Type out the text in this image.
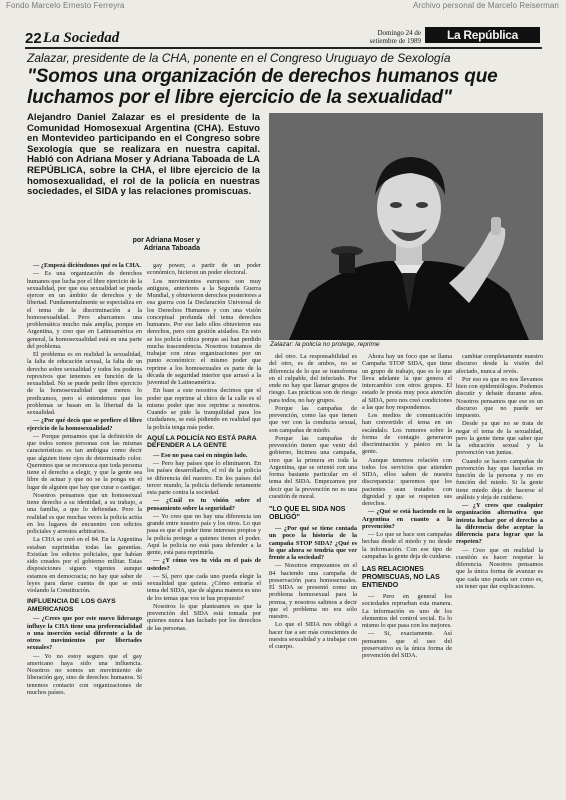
Fondo Marcelo Ernesto Ferreyra	Archivo personal de Marcelo Reiserman
22 La Sociedad	Domingo 24 de
setiembre de 1989	La República
Zalazar, presidente de la CHA, ponente en el Congreso Uruguayo de Sexología
"Somos una organización de derechos humanos que luchamos por el libre ejercicio de la sexualidad"
Alejandro Daniel Zalazar es el presidente de la Comunidad Homosexual Argentina (CHA). Estuvo en Montevideo participando en el Congreso sobre Sexología que se realizara en nuestra capital. Habló con Adriana Moser y Adriana Taboada de LA REPÚBLICA, sobre la CHA, el libre ejercicio de la homosexualidad, el rol de la policía en nuestras sociedades, el SIDA y las relaciones promiscuas.
por Adriana Moser y
Adriana Taboada
Zalazar: la policía no protege, reprime

— ¿Empezá diciéndonos qué es la CHA.

— Es una organización de derechos humanos que lucha por el libre ejercicio de la sexualidad, por que esa sexualidad se pueda ejercer en un ámbito de derechos y de libertad. Fundamentalmente se especializa en el tema de la discriminación a la homosexualidad. Pero abarcamos una problemática mucho más amplia, porque en Argentina, y creo que en Latinoamérica en general, la homosexualidad está en una parte del problema.

El problema es en realidad la sexualidad, la falta de educación sexual, la falta de un derecho sobre sexualidad y todos los poderes represivos que tenemos en función de la sexualidad. No se puede pedir libre ejercicio de la homosexualidad que menos lo predicamos, pero sí entendemos que los problemas se basan en la libertad de la sexualidad.

— ¿Por qué decís que se prefiere el libre ejercicio de la homosexualidad?

— Porque pensamos que la definición de que todos somos personas con las mismas características es tan ambigua como decir que alguien tiene ojos de determinado color. Queremos que se reconozca que toda persona tiene el derecho a elegir, y que la gente sea libre de actuar y que no se la ponga en el lugar de alguien que hay que curar o castigar.

Nosotros pensamos que un homosexual tiene derecho a su identidad, a su trabajo, a una familia, a que lo defiendan. Pero la realidad es que muchas veces la policía actúa en los lugares de encuentro con edictos policiales y arrestos arbitrarios.

La CHA se creó en el 84. En la Argentina estaban suprimidas todas las garantías. Existían los edictos policiales, que habían sido creados por el gobierno militar. Estas disposiciones siguen vigentes aunque estamos en democracia; no hay que saber de leyes para darse cuenta de que se está violando la Constitución.

INFLUENCIA DE LOS GAYS AMERICANOS

— ¿Crees que por este nuevo liderazgo influye la CHA tiene una preferencialidad o una inserción social diferente a la de otros movimientos por libertades sexuales?

— Yo no estoy seguro que el gay americano haya sido una influencia. Nosotros no somos un movimiento de liberación gay, sino de derechos humanos. Sí tenemos contacto con organizaciones de muchos países.

gay power, a partir de un poder económico, hicieron un poder electoral.

Los movimientos europeos son muy antiguos, anteriores a la Segunda Guerra Mundial, y obtuvieron derechos posteriores a esa guerra con la Declaración Universal de los Derechos Humanos y con una visión conceptual profunda del tema derechos humanos. Por ese lado ellos obtuvieron sus derechos, pero con gestión aislados. En esto se los policía crítica porque así han perdido mucha trascendencia. Nosotros tratamos de trabajar con otras organizaciones por un punto económico: el mismo poder que reprime a los homosexuales es parte de la década de seguridad interior que arrasó a la juventud de Latinoamérica.

En base a este nosotros decimos que el poder que reprime al chico de la calle es el mismo poder que nos reprime a nosotros. Cuando se pide la tranquilidad para los ciudadanos, se está pidiendo en realidad que la policía tenga más poder.

AQUÍ LA POLICÍA NO ESTÁ PARA DEFENDER A LA GENTE

— Eso no pasa casi en ningún lado.

— Pero hay países que lo eliminaron. En los países desarrollados, el rol de la policía se diferencia del nuestro. En los países del tercer mundo, la policía defiende netamente esta parte contra la sociedad.

— ¿Cuál es tu visión sobre el pensamiento sobre la seguridad?

— Yo creo que no hay una diferencia tan grande entre nuestro país y los otros. Lo que pasa es que el poder tiene intereses propios y la policía protege a quienes tienen el poder. Aquí la policía no está para defender a la gente, está para reprimirla.

— ¿Y cómo ves tu vida en el país de ustedes?

— Sí, pero que cada uno pueda elegir la sexualidad que quiera. ¿Cómo entraría el tema del SIDA, que de alguna manera es uno de los temas que vos te has propuesto?

Nosotros lo que planteamos es que la prevención del SIDA está tomada por quienes nunca han luchado por los derechos de las personas.

del otro. La responsabilidad es del otro, es de ambos, no se diferencia de lo que se transforma en el culpable, del infectado. Por ende no hay que llamar grupos de riesgo. Las prácticas son de riesgo para todos, no hay grupos.

Porque las campañas de prevención, como las que tienen que ver con la conducta sexual, son campañas de miedo.

Porque las campañas de prevención tienen que venir del gobierno, hicimos una campaña, creo que la primera en toda la Argentina, que se orientó con una forma bastante particular en el tema del SIDA. Empezamos por decir que la prevención no es una cuestión de moral.

"LO QUE EL SIDA NOS OBLIGÓ"

— ¿Por qué se tiene contada un poco la historia de la campaña STOP SIDA? ¿Qué es lo que ahora se tendría que ver frente a la sociedad?

— Nosotros empezamos en el 84 haciendo una campaña de preservación para homosexuales. El SIDA se presentó como un problema homosexual para la prensa, y nosotros salimos a decir que el problema no era sólo nuestro.

Lo que el SIDA nos obligó a hacer fue a ser más conscientes de nuestra sexualidad y a trabajar con el cuerpo.

Ahora hay un foco que se llama Campaña STOP SIDA, que tiene un grupo de trabajo, que es lo que lleva adelante la que genera el intercambio con otros grupos. El estado le presta muy poca atención al SIDA, pero nos creó condiciones a las que hoy respondemos.

Los medios de comunicación han convertido el tema en un escándalo. Los rumores sobre la forma de contagio generaron discriminación y pánico en la gente.

Aunque tenemos relación con todos los servicios que atienden SIDA, ellos saben de nuestra discrepancia: queremos que los pacientes sean tratados con dignidad y que se respeten sus derechos.

— ¿Qué se está haciendo en la Argentina en cuanto a la prevención?

— Lo que se hace son campañas hechas desde el miedo y no desde la información. Con ese tipo de campañas la gente deja de cuidarse.

LAS RELACIONES PROMISCUAS, NO LAS ENTIENDO

— Pero en general los sociedades reprueban esta manera. La información es uno de los elementos del control social. Es lo mismo lo que pasa con los mejores.

— Si, exactamente. Así pensamos que el uso del preservativo es la única forma de prevención del SIDA.

cambiar completamente nuestro discurso desde la visión del afectado, nunca al revés.

Por eso es que no nos llevamos bien con epidemiólogos. Podemos discutir y debatir durante años. Nosotros pensamos que ese es un discurso que no puede ser impuesto.

Desde ya que no se trata de negar el tema de la sexualidad, pero la gente tiene que saber que la educación sexual y la prevención van juntas.

Cuando se hacen campañas de prevención hay que hacerlas en función de la persona y no en función del miedo. Si la gente tiene miedo deja de hacerse el análisis y deja de cuidarse.

— ¿Y crees que cualquier organización alternativa que intenta luchar por el derecho a la diferencia debe aceptar la diferencia para lograr que la respeten?

— Creo que en realidad la cuestión es hacer respetar la diferencia. Nosotros pensamos que la única forma de avanzar es que cada uno pueda ser como es, sin tener que dar explicaciones.
